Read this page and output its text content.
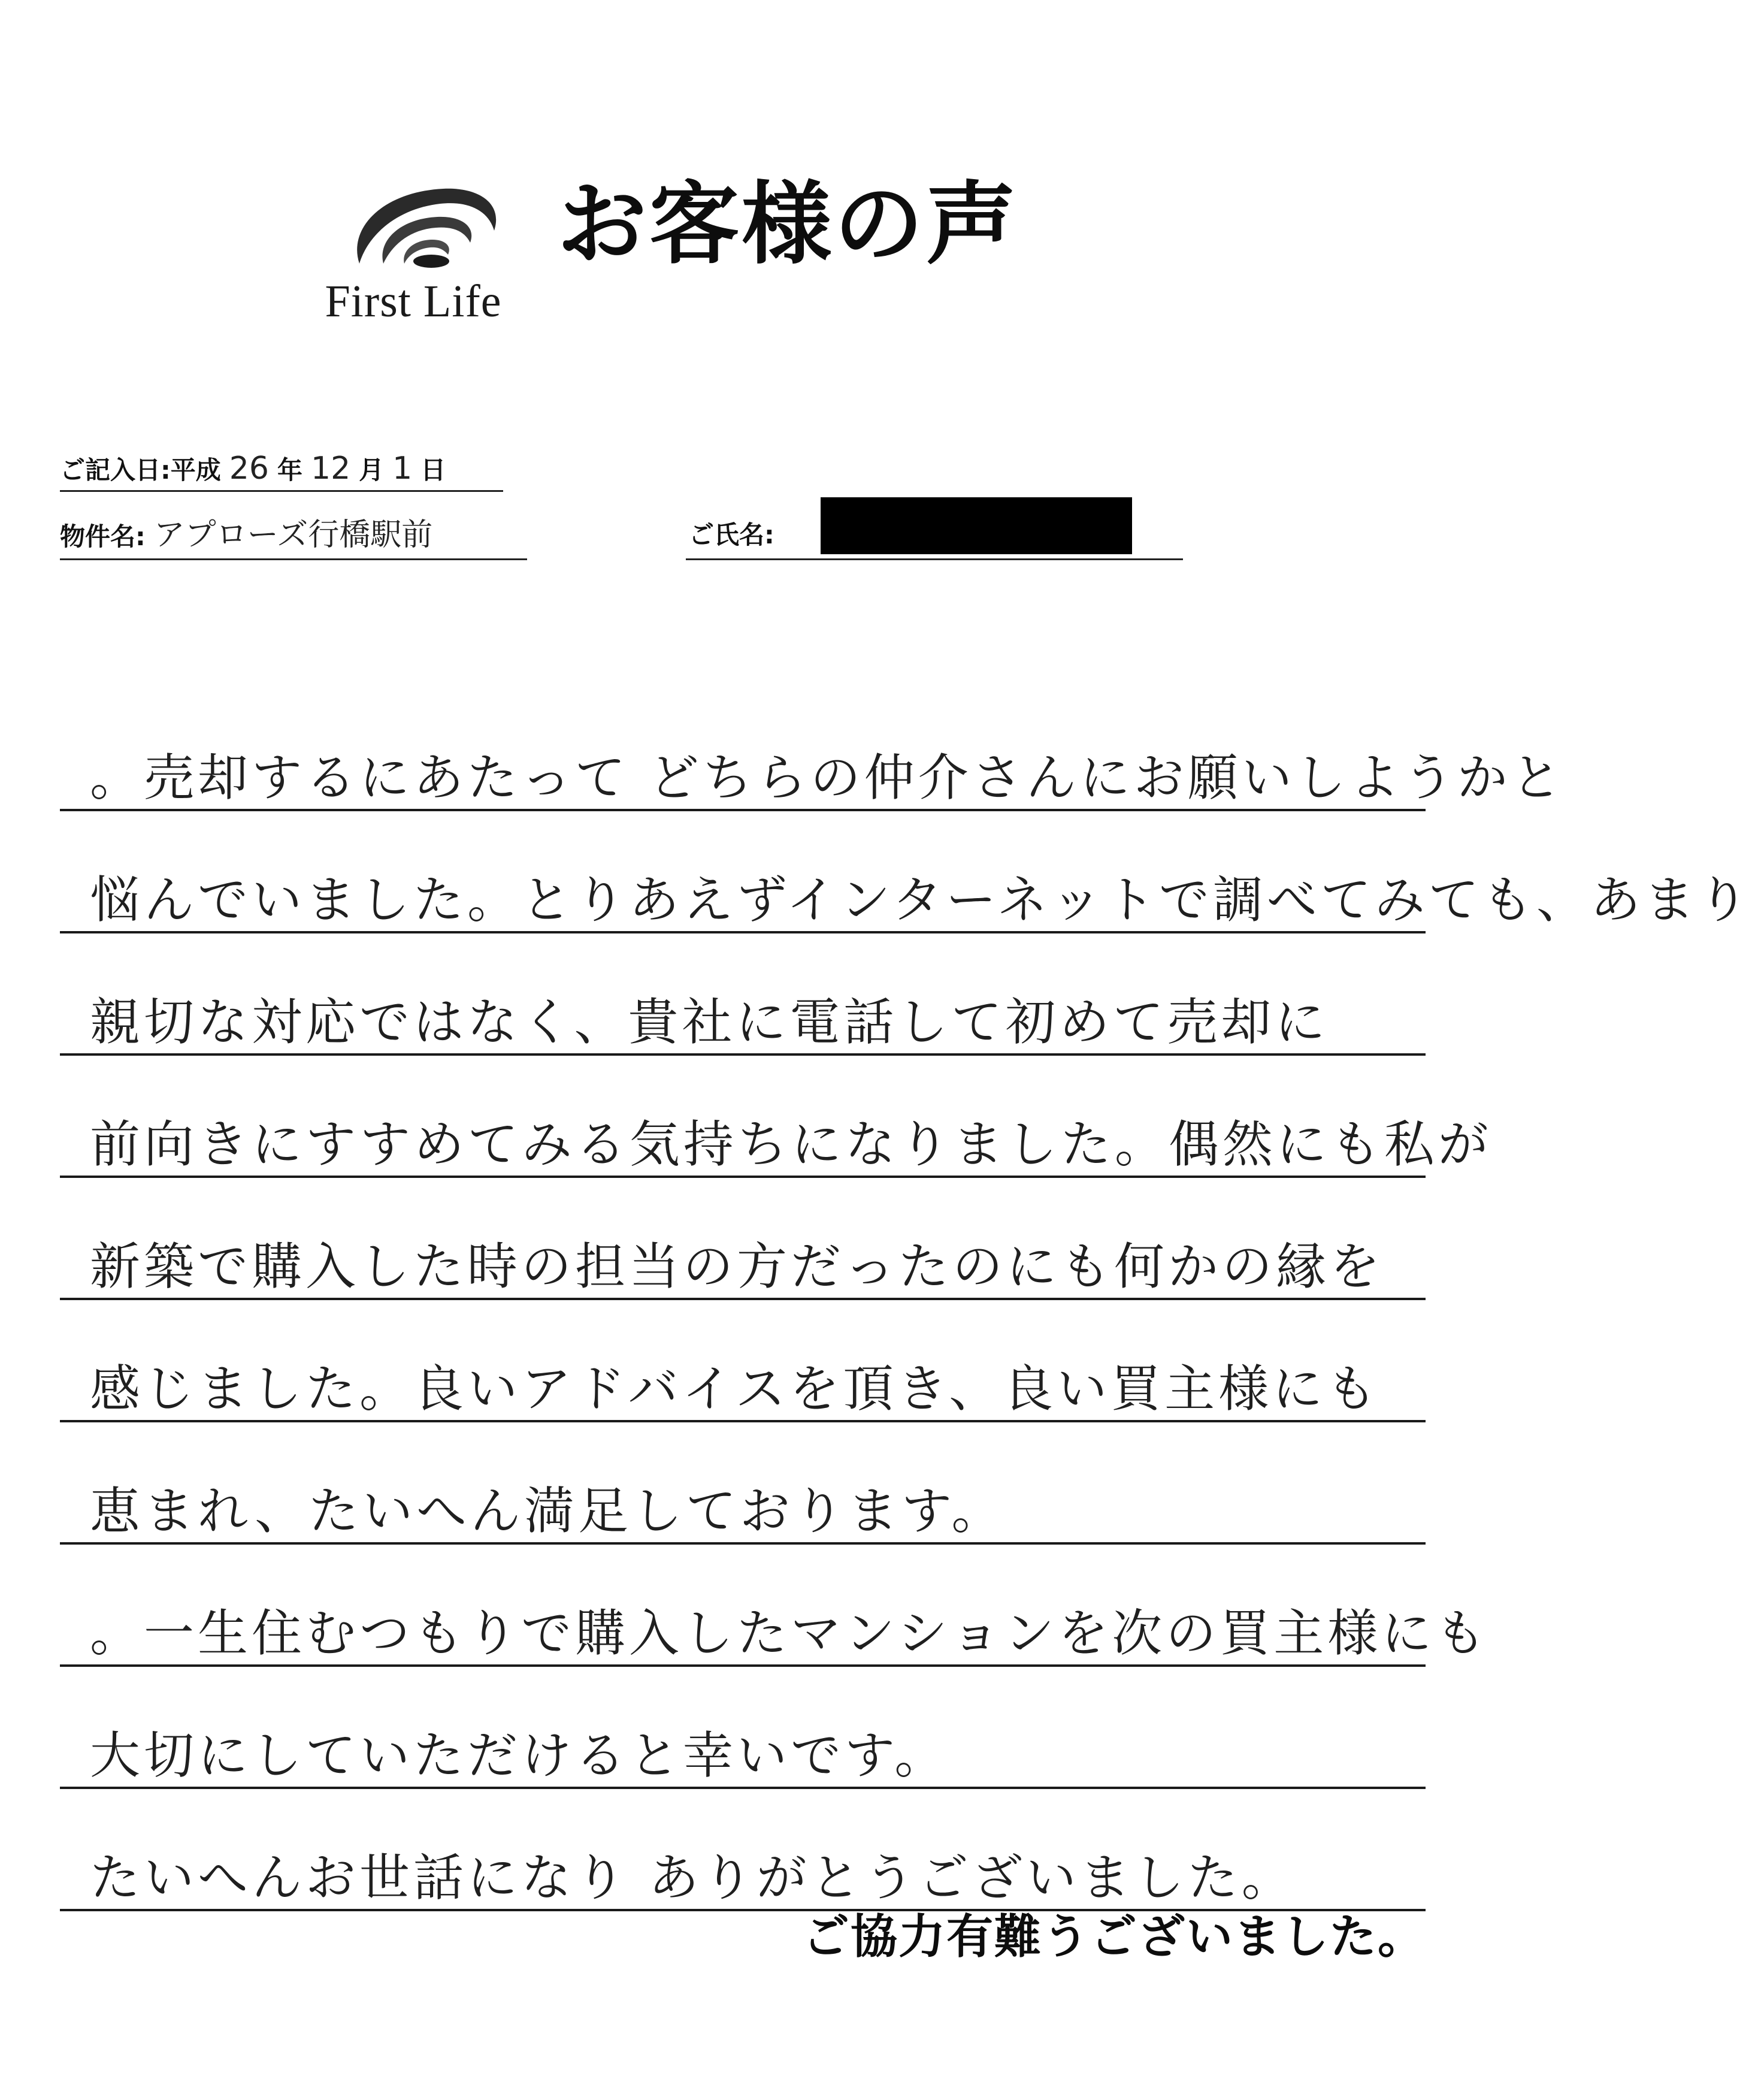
First Life
お客様の声
ご記入日:平成 26 年 12 月 1 日
物件名: アプローズ行橋駅前	ご氏名:
。売却するにあたって どちらの仲介さんにお願いしようかと
悩んでいました。とりあえずインターネットで調べてみても、あまり
親切な対応ではなく、貴社に電話して初めて売却に
前向きにすすめてみる気持ちになりました。偶然にも私が
新築で購入した時の担当の方だったのにも何かの縁を
感じました。良いアドバイスを頂き、良い買主様にも
恵まれ、たいへん満足しております。
。一生住むつもりで購入したマンションを次の買主様にも
大切にしていただけると幸いです。
たいへんお世話になり ありがとうございました。
ご協力有難うございました。
